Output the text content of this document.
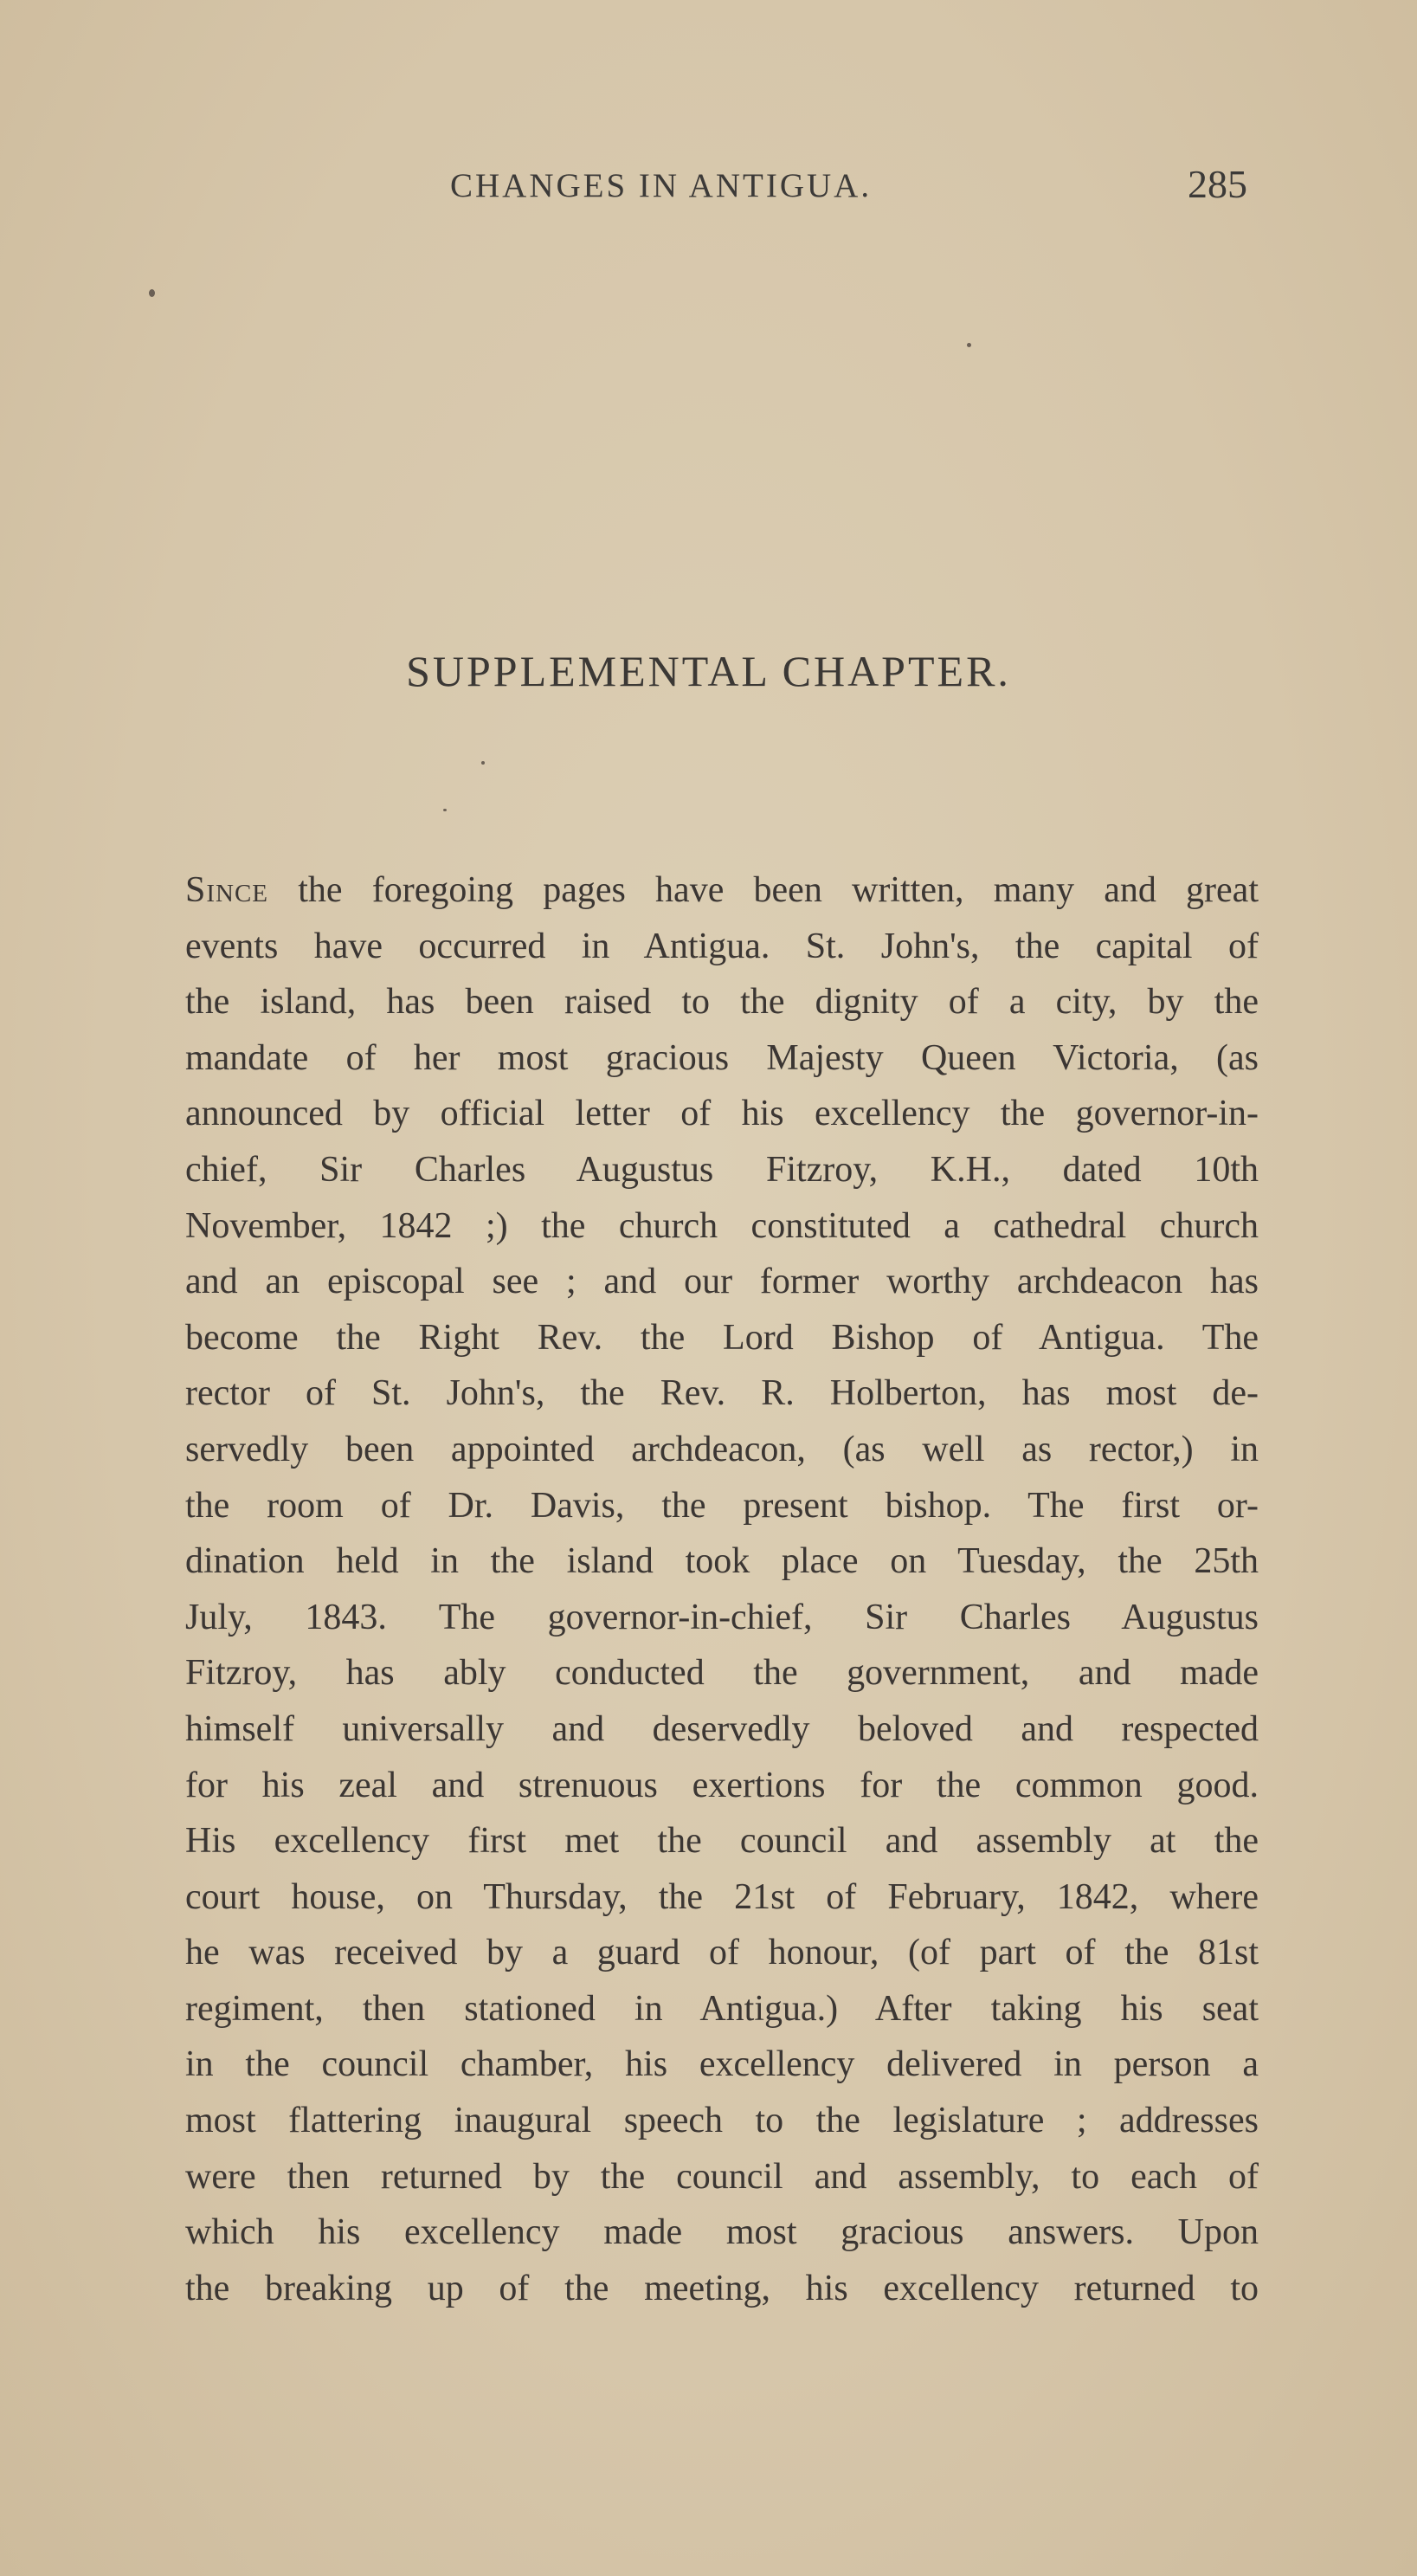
CHANGES IN ANTIGUA.	285
SUPPLEMENTAL CHAPTER.
Since the foregoing pages have been written, many and great
events have occurred in Antigua. St. John's, the capital of
the island, has been raised to the dignity of a city, by the
mandate of her most gracious Majesty Queen Victoria, (as
announced by official letter of his excellency the governor-in-
chief, Sir Charles Augustus Fitzroy, K.H., dated 10th
November, 1842 ;) the church constituted a cathedral church
and an episcopal see ; and our former worthy archdeacon has
become the Right Rev. the Lord Bishop of Antigua. The
rector of St. John's, the Rev. R. Holberton, has most de-
servedly been appointed archdeacon, (as well as rector,) in
the room of Dr. Davis, the present bishop. The first or-
dination held in the island took place on Tuesday, the 25th
July, 1843. The governor-in-chief, Sir Charles Augustus
Fitzroy, has ably conducted the government, and made
himself universally and deservedly beloved and respected
for his zeal and strenuous exertions for the common good.
His excellency first met the council and assembly at the
court house, on Thursday, the 21st of February, 1842, where
he was received by a guard of honour, (of part of the 81st
regiment, then stationed in Antigua.) After taking his seat
in the council chamber, his excellency delivered in person a
most flattering inaugural speech to the legislature ; addresses
were then returned by the council and assembly, to each of
which his excellency made most gracious answers. Upon
the breaking up of the meeting, his excellency returned to
